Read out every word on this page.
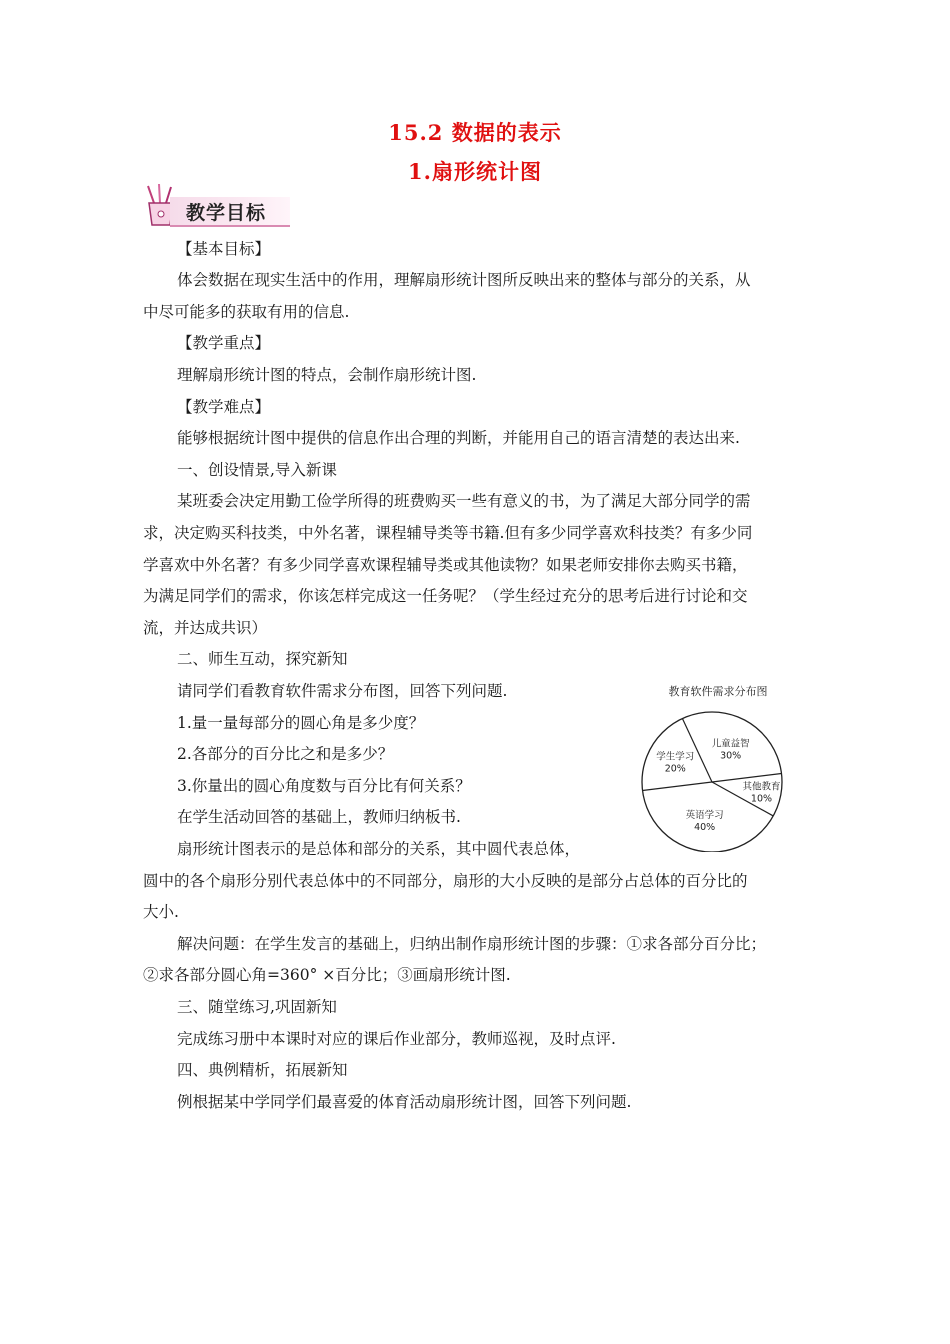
15.2 数据的表示
1.扇形统计图
教学目标
【基本目标】
体会数据在现实生活中的作用，理解扇形统计图所反映出来的整体与部分的关系，从
中尽可能多的获取有用的信息.
【教学重点】
理解扇形统计图的特点，会制作扇形统计图.
【教学难点】
能够根据统计图中提供的信息作出合理的判断，并能用自己的语言清楚的表达出来.
一、创设情景,导入新课
某班委会决定用勤工俭学所得的班费购买一些有意义的书，为了满足大部分同学的需
求，决定购买科技类，中外名著，课程辅导类等书籍.但有多少同学喜欢科技类？有多少同
学喜欢中外名著？有多少同学喜欢课程辅导类或其他读物？如果老师安排你去购买书籍，
为满足同学们的需求，你该怎样完成这一任务呢？（学生经过充分的思考后进行讨论和交
流，并达成共识）
二、师生互动，探究新知
请同学们看教育软件需求分布图，回答下列问题.
1.量一量每部分的圆心角是多少度？
2.各部分的百分比之和是多少？
3.你量出的圆心角度数与百分比有何关系？
在学生活动回答的基础上，教师归纳板书.
扇形统计图表示的是总体和部分的关系，其中圆代表总体，
圆中的各个扇形分别代表总体中的不同部分，扇形的大小反映的是部分占总体的百分比的
大小.
解决问题：在学生发言的基础上，归纳出制作扇形统计图的步骤：①求各部分百分比；
②求各部分圆心角=360° ×百分比；③画扇形统计图.
三、随堂练习,巩固新知
完成练习册中本课时对应的课后作业部分，教师巡视，及时点评.
四、典例精析，拓展新知
例根据某中学同学们最喜爱的体育活动扇形统计图，回答下列问题.
教育软件需求分布图
儿童益智
30%
其他教育
10%
英语学习
40%
学生学习
20%
